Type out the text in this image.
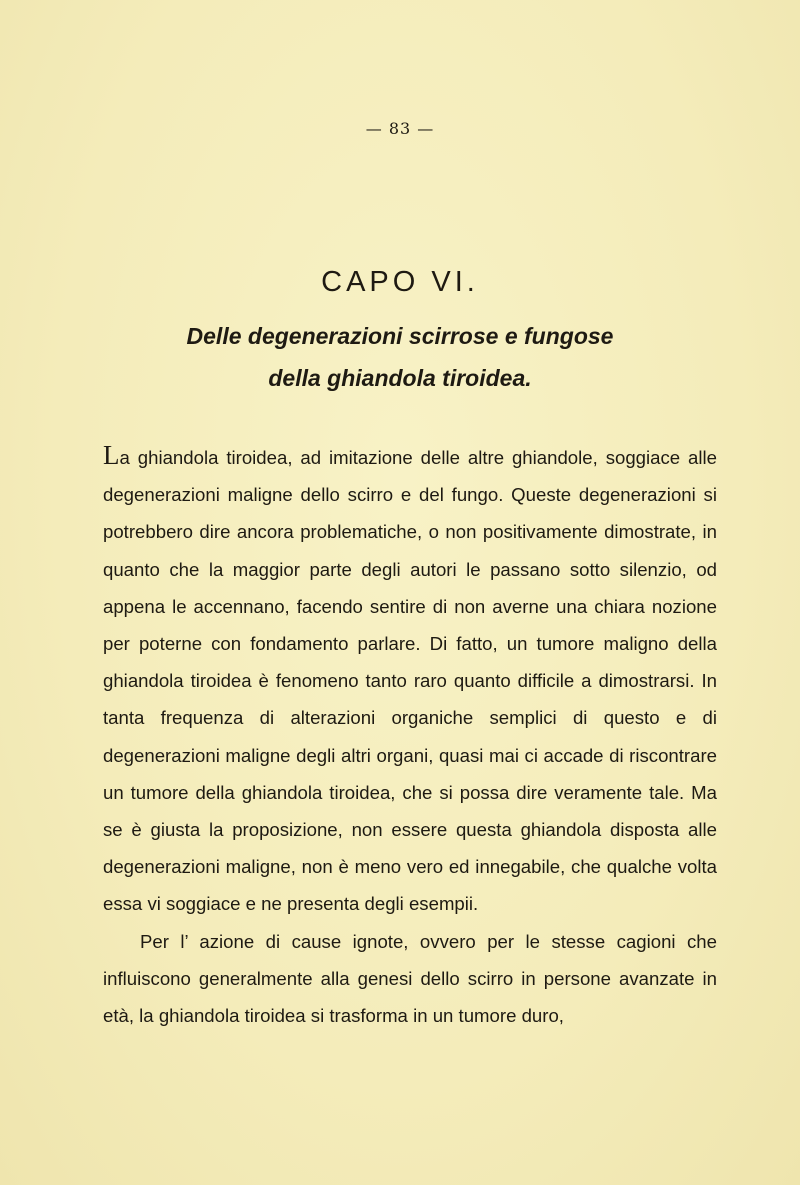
— 83 —
CAPO VI.
Delle degenerazioni scirrose e fungose
della ghiandola tiroidea.

La ghiandola tiroidea, ad imitazione delle altre ghiandole, soggiace alle degenerazioni maligne dello scirro e del fungo. Queste degenerazioni si potrebbero dire ancora problematiche, o non positivamente dimostrate, in quanto che la maggior parte degli autori le passano sotto silenzio, od appena le accennano, facendo sentire di non averne una chiara nozione per poterne con fondamento parlare. Di fatto, un tumore maligno della ghiandola tiroidea è fenomeno tanto raro quanto difficile a dimostrarsi. In tanta frequenza di alterazioni organiche semplici di questo e di degenerazioni maligne degli altri organi, quasi mai ci accade di riscontrare un tumore della ghiandola tiroidea, che si possa dire veramente tale. Ma se è giusta la proposizione, non essere questa ghiandola disposta alle degenerazioni maligne, non è meno vero ed innegabile, che qualche volta essa vi soggiace e ne presenta degli esempii.

Per l’ azione di cause ignote, ovvero per le stesse cagioni che influiscono generalmente alla genesi dello scirro in persone avanzate in età, la ghiandola tiroidea si trasforma in un tumore duro,
